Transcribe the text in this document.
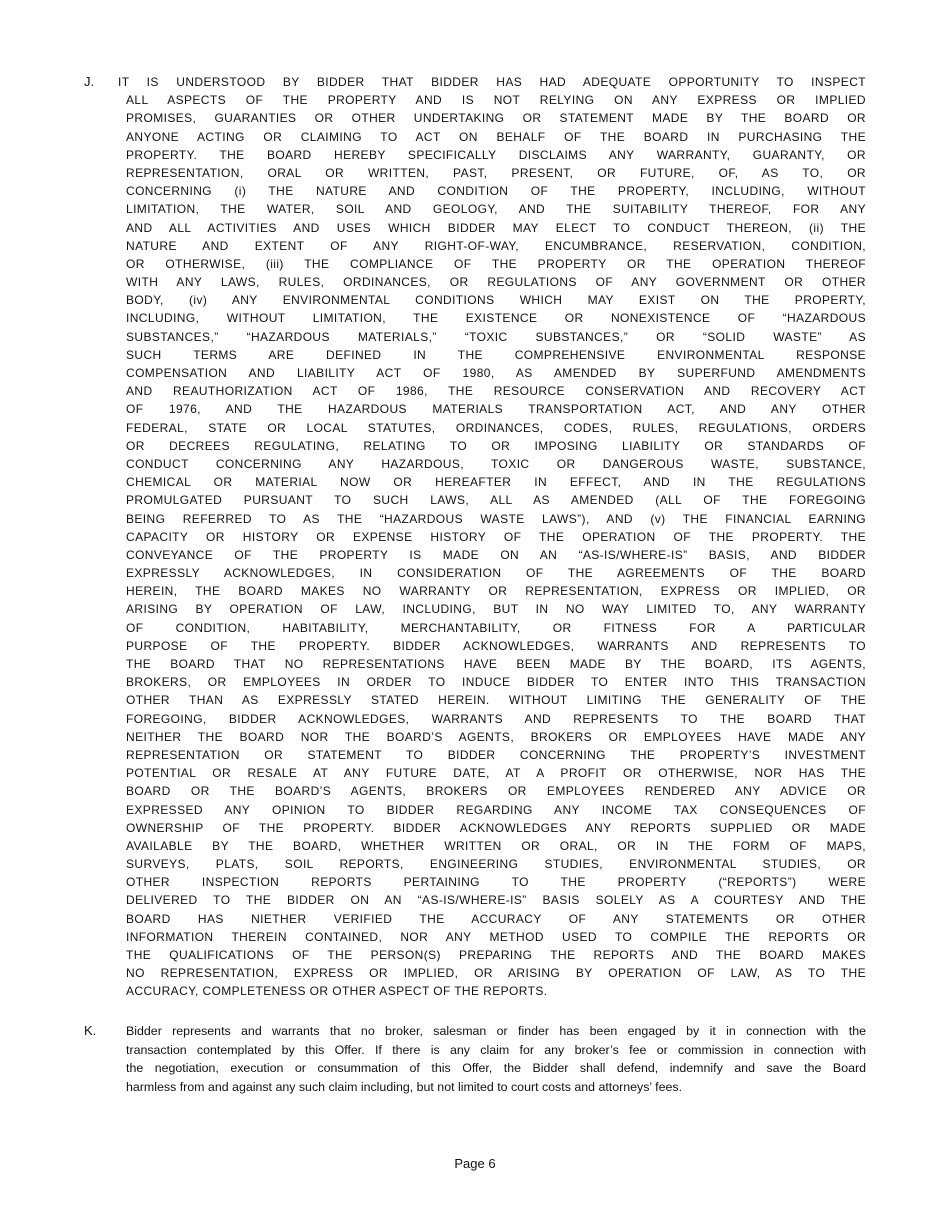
J. IT IS UNDERSTOOD BY BIDDER THAT BIDDER HAS HAD ADEQUATE OPPORTUNITY TO INSPECT
ALL ASPECTS OF THE PROPERTY AND IS NOT RELYING ON ANY EXPRESS OR IMPLIED
PROMISES, GUARANTIES OR OTHER UNDERTAKING OR STATEMENT MADE BY THE BOARD OR
ANYONE ACTING OR CLAIMING TO ACT ON BEHALF OF THE BOARD IN PURCHASING THE
PROPERTY. THE BOARD HEREBY SPECIFICALLY DISCLAIMS ANY WARRANTY, GUARANTY, OR
REPRESENTATION, ORAL OR WRITTEN, PAST, PRESENT, OR FUTURE, OF, AS TO, OR
CONCERNING (i) THE NATURE AND CONDITION OF THE PROPERTY, INCLUDING, WITHOUT
LIMITATION, THE WATER, SOIL AND GEOLOGY, AND THE SUITABILITY THEREOF, FOR ANY
AND ALL ACTIVITIES AND USES WHICH BIDDER MAY ELECT TO CONDUCT THEREON, (ii) THE
NATURE AND EXTENT OF ANY RIGHT-OF-WAY, ENCUMBRANCE, RESERVATION, CONDITION,
OR OTHERWISE, (iii) THE COMPLIANCE OF THE PROPERTY OR THE OPERATION THEREOF
WITH ANY LAWS, RULES, ORDINANCES, OR REGULATIONS OF ANY GOVERNMENT OR OTHER
BODY, (iv) ANY ENVIRONMENTAL CONDITIONS WHICH MAY EXIST ON THE PROPERTY,
INCLUDING, WITHOUT LIMITATION, THE EXISTENCE OR NONEXISTENCE OF “HAZARDOUS
SUBSTANCES,” “HAZARDOUS MATERIALS,” “TOXIC SUBSTANCES,” OR “SOLID WASTE” AS
SUCH TERMS ARE DEFINED IN THE COMPREHENSIVE ENVIRONMENTAL RESPONSE
COMPENSATION AND LIABILITY ACT OF 1980, AS AMENDED BY SUPERFUND AMENDMENTS
AND REAUTHORIZATION ACT OF 1986, THE RESOURCE CONSERVATION AND RECOVERY ACT
OF 1976, AND THE HAZARDOUS MATERIALS TRANSPORTATION ACT, AND ANY OTHER
FEDERAL, STATE OR LOCAL STATUTES, ORDINANCES, CODES, RULES, REGULATIONS, ORDERS
OR DECREES REGULATING, RELATING TO OR IMPOSING LIABILITY OR STANDARDS OF
CONDUCT CONCERNING ANY HAZARDOUS, TOXIC OR DANGEROUS WASTE, SUBSTANCE,
CHEMICAL OR MATERIAL NOW OR HEREAFTER IN EFFECT, AND IN THE REGULATIONS
PROMULGATED PURSUANT TO SUCH LAWS, ALL AS AMENDED (ALL OF THE FOREGOING
BEING REFERRED TO AS THE “HAZARDOUS WASTE LAWS”), AND (v) THE FINANCIAL EARNING
CAPACITY OR HISTORY OR EXPENSE HISTORY OF THE OPERATION OF THE PROPERTY. THE
CONVEYANCE OF THE PROPERTY IS MADE ON AN “AS-IS/WHERE-IS” BASIS, AND BIDDER
EXPRESSLY ACKNOWLEDGES, IN CONSIDERATION OF THE AGREEMENTS OF THE BOARD
HEREIN, THE BOARD MAKES NO WARRANTY OR REPRESENTATION, EXPRESS OR IMPLIED, OR
ARISING BY OPERATION OF LAW, INCLUDING, BUT IN NO WAY LIMITED TO, ANY WARRANTY
OF CONDITION, HABITABILITY, MERCHANTABILITY, OR FITNESS FOR A PARTICULAR
PURPOSE OF THE PROPERTY. BIDDER ACKNOWLEDGES, WARRANTS AND REPRESENTS TO
THE BOARD THAT NO REPRESENTATIONS HAVE BEEN MADE BY THE BOARD, ITS AGENTS,
BROKERS, OR EMPLOYEES IN ORDER TO INDUCE BIDDER TO ENTER INTO THIS TRANSACTION
OTHER THAN AS EXPRESSLY STATED HEREIN. WITHOUT LIMITING THE GENERALITY OF THE
FOREGOING, BIDDER ACKNOWLEDGES, WARRANTS AND REPRESENTS TO THE BOARD THAT
NEITHER THE BOARD NOR THE BOARD’S AGENTS, BROKERS OR EMPLOYEES HAVE MADE ANY
REPRESENTATION OR STATEMENT TO BIDDER CONCERNING THE PROPERTY’S INVESTMENT
POTENTIAL OR RESALE AT ANY FUTURE DATE, AT A PROFIT OR OTHERWISE, NOR HAS THE
BOARD OR THE BOARD’S AGENTS, BROKERS OR EMPLOYEES RENDERED ANY ADVICE OR
EXPRESSED ANY OPINION TO BIDDER REGARDING ANY INCOME TAX CONSEQUENCES OF
OWNERSHIP OF THE PROPERTY. BIDDER ACKNOWLEDGES ANY REPORTS SUPPLIED OR MADE
AVAILABLE BY THE BOARD, WHETHER WRITTEN OR ORAL, OR IN THE FORM OF MAPS,
SURVEYS, PLATS, SOIL REPORTS, ENGINEERING STUDIES, ENVIRONMENTAL STUDIES, OR
OTHER INSPECTION REPORTS PERTAINING TO THE PROPERTY (“REPORTS”) WERE
DELIVERED TO THE BIDDER ON AN “AS-IS/WHERE-IS” BASIS SOLELY AS A COURTESY AND THE
BOARD HAS NIETHER VERIFIED THE ACCURACY OF ANY STATEMENTS OR OTHER
INFORMATION THEREIN CONTAINED, NOR ANY METHOD USED TO COMPILE THE REPORTS OR
THE QUALIFICATIONS OF THE PERSON(S) PREPARING THE REPORTS AND THE BOARD MAKES
NO REPRESENTATION, EXPRESS OR IMPLIED, OR ARISING BY OPERATION OF LAW, AS TO THE
ACCURACY, COMPLETENESS OR OTHER ASPECT OF THE REPORTS.
K. Bidder represents and warrants that no broker, salesman or finder has been engaged by it in connection with the
transaction contemplated by this Offer. If there is any claim for any broker’s fee or commission in connection with
the negotiation, execution or consummation of this Offer, the Bidder shall defend, indemnify and save the Board
harmless from and against any such claim including, but not limited to court costs and attorneys’ fees.
Page 6
